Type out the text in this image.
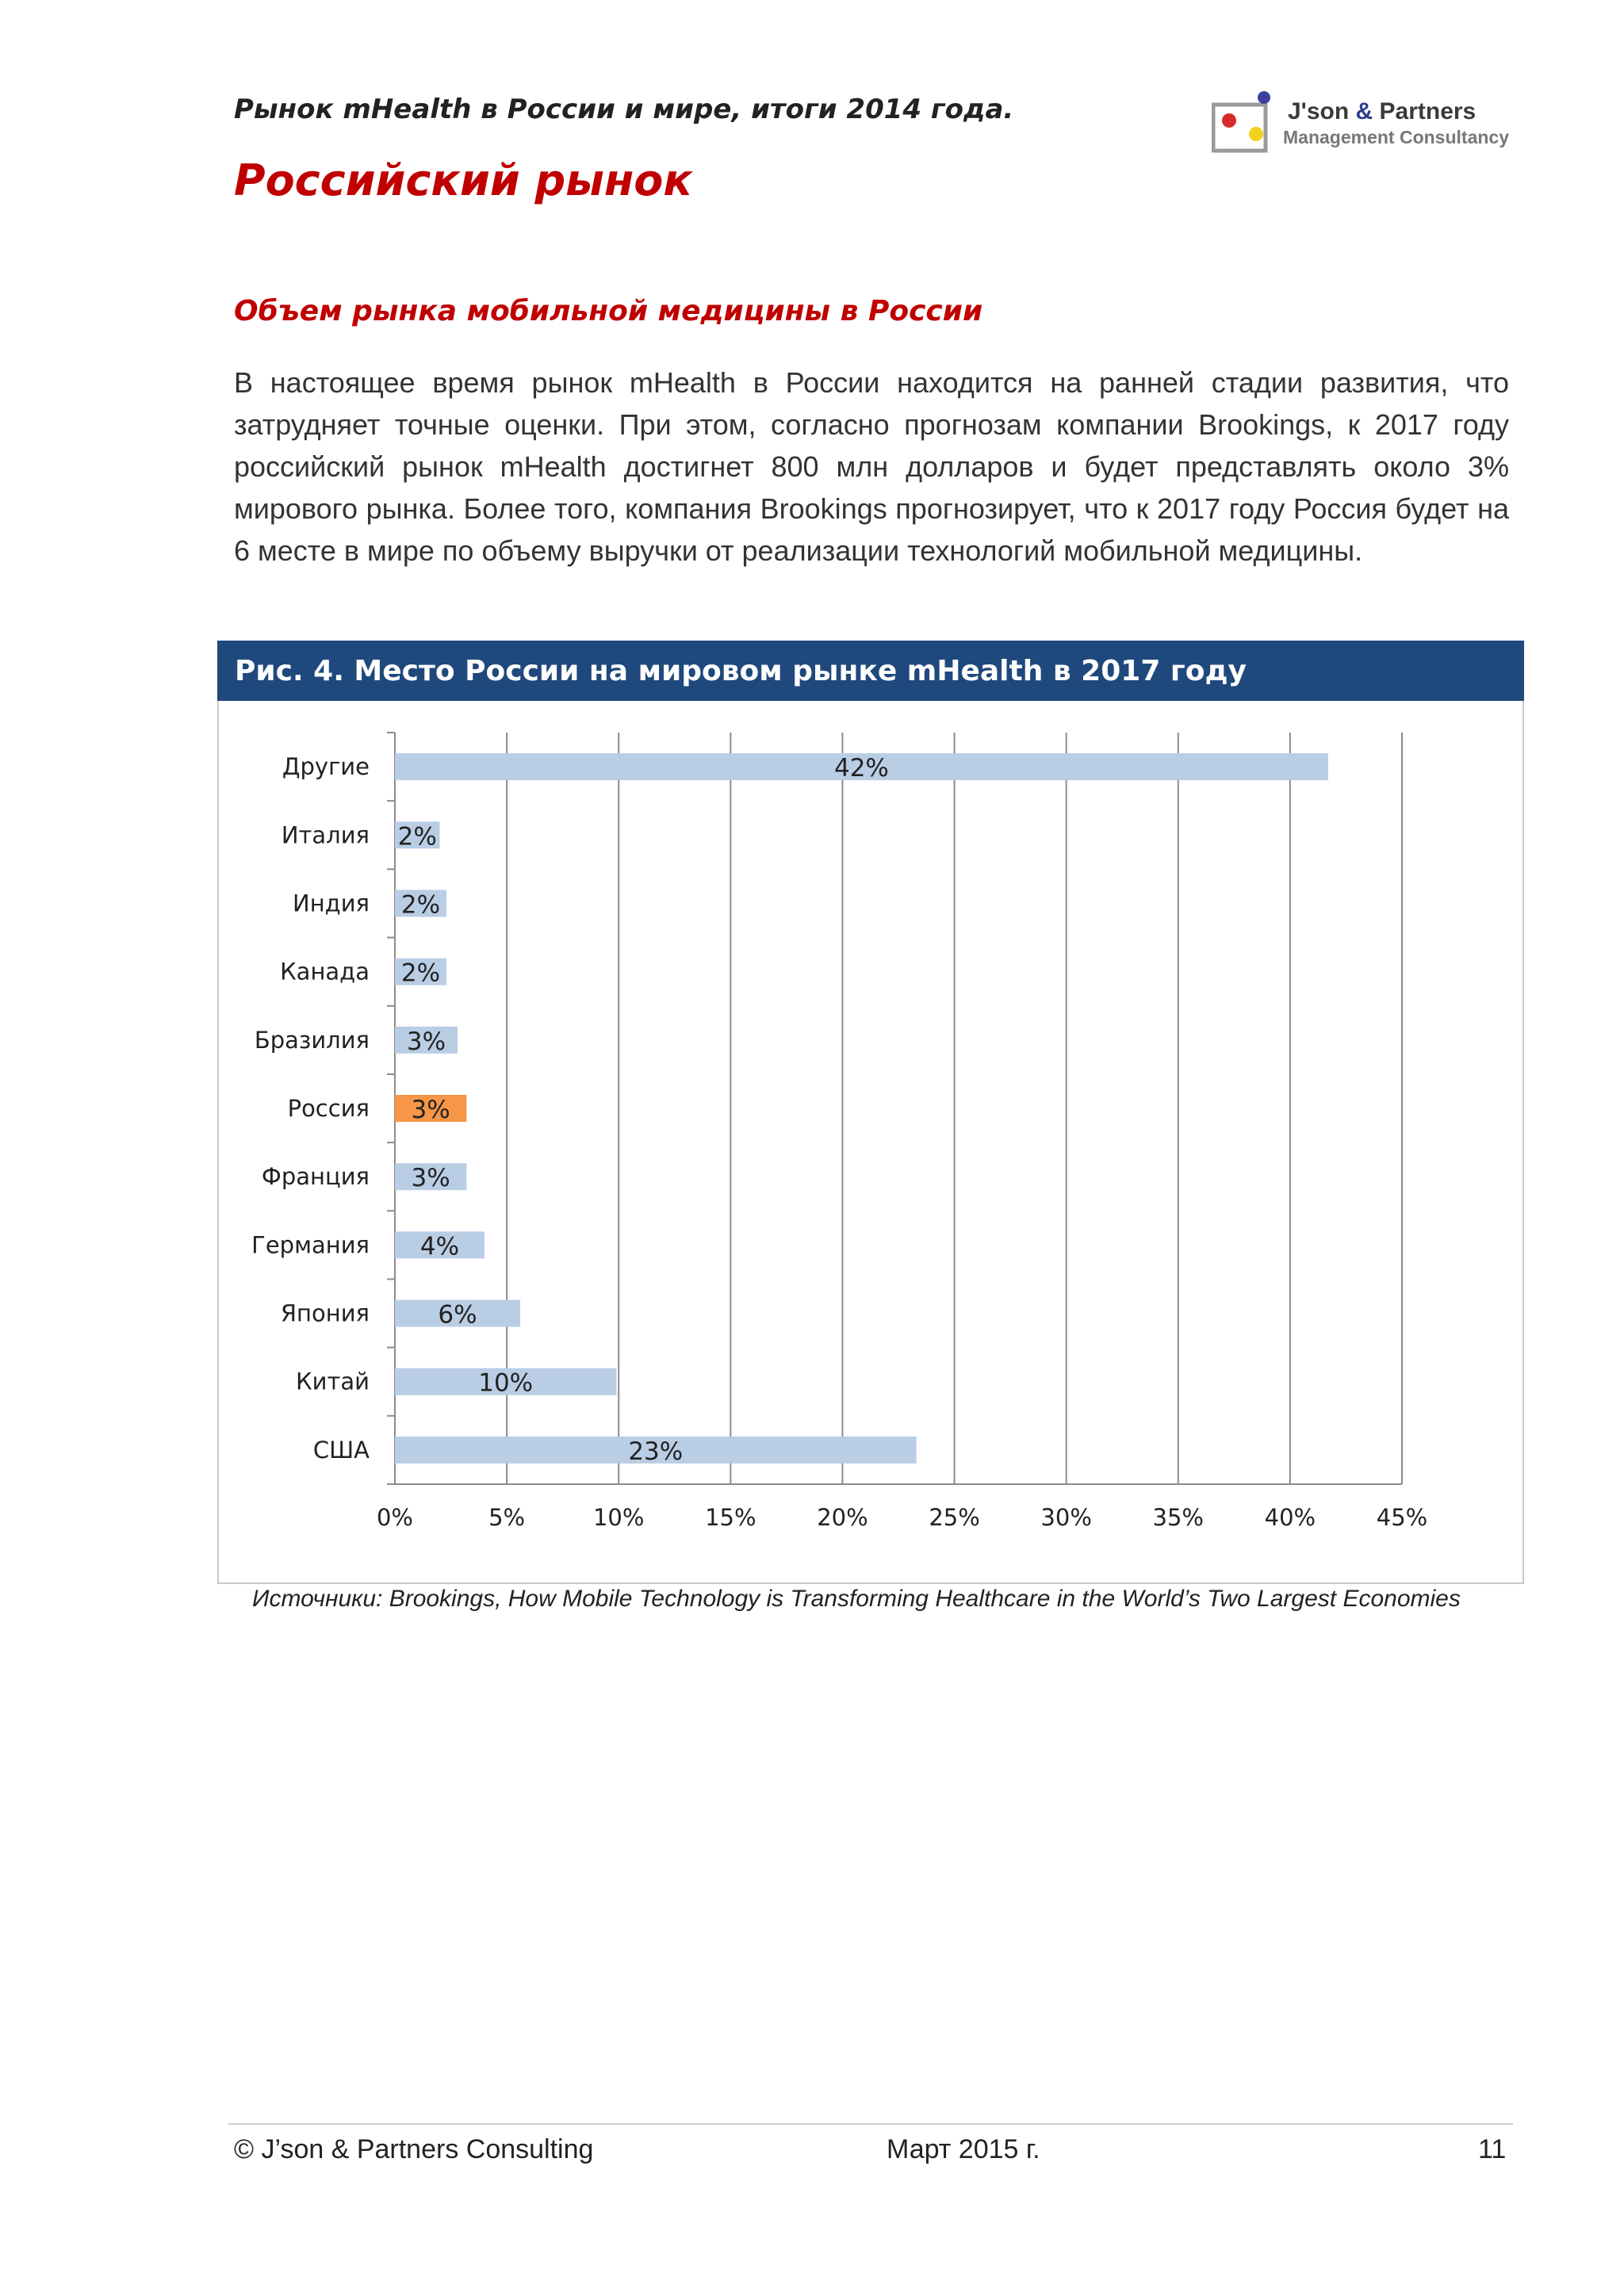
Рынок mHealth в России и мире, итоги 2014 года.	J'son & Partners
Management Consultancy
Российский рынок
Объем рынка мобильной медицины в России
В настоящее время рынок mHealth в России находится на ранней стадии развития, что затрудняет точные оценки. При этом, согласно прогнозам компании Brookings, к 2017 году российский рынок mHealth достигнет 800 млн долларов и будет представлять около 3% мирового рынка. Более того, компания Brookings прогнозирует, что к 2017 году Россия будет на 6 месте в мире по объему выручки от реализации технологий мобильной медицины.
Рис. 4. Место России на мировом рынке mHealth в 2017 году
0%	5%	10%	15%	20%	25%	30%	35%	40%	45%
Другие	42%
Италия 2%
Индия 2%
Канада 2%
Бразилия 3%
Россия 3%
Франция 3%
Германия 4%
Япония	6%
Китай	10%
США	23%
Источники: Brookings, How Mobile Technology is Transforming Healthcare in the World’s Two Largest Economies
© J’son & Partners Consulting	Март 2015 г.	11
